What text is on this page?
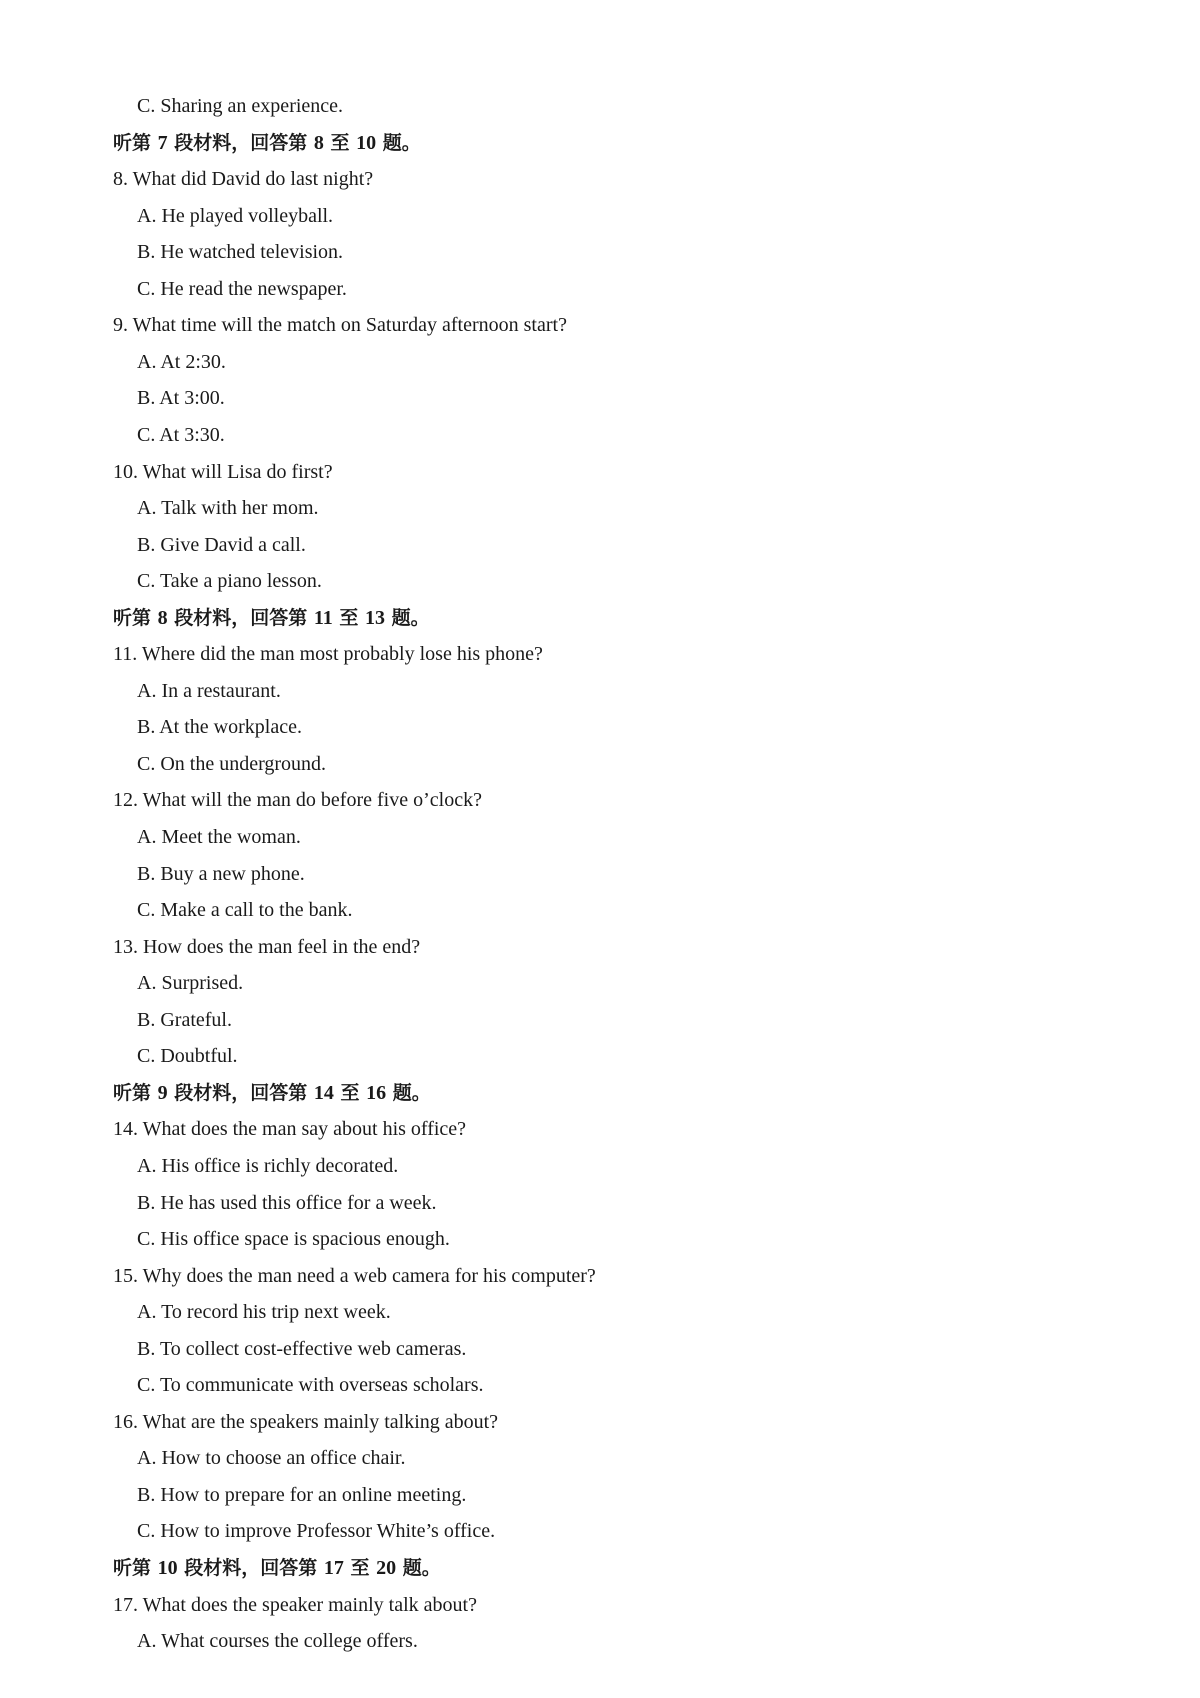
C. Sharing an experience.
听第 7 段材料，回答第 8 至 10 题。
8. What did David do last night?
A. He played volleyball.
B. He watched television.
C. He read the newspaper.
9. What time will the match on Saturday afternoon start?
A. At 2:30.
B. At 3:00.
C. At 3:30.
10. What will Lisa do first?
A. Talk with her mom.
B. Give David a call.
C. Take a piano lesson.
听第 8 段材料，回答第 11 至 13 题。
11. Where did the man most probably lose his phone?
A. In a restaurant.
B. At the workplace.
C. On the underground.
12. What will the man do before five o’clock?
A. Meet the woman.
B. Buy a new phone.
C. Make a call to the bank.
13. How does the man feel in the end?
A. Surprised.
B. Grateful.
C. Doubtful.
听第 9 段材料，回答第 14 至 16 题。
14. What does the man say about his office?
A. His office is richly decorated.
B. He has used this office for a week.
C. His office space is spacious enough.
15. Why does the man need a web camera for his computer?
A. To record his trip next week.
B. To collect cost-effective web cameras.
C. To communicate with overseas scholars.
16. What are the speakers mainly talking about?
A. How to choose an office chair.
B. How to prepare for an online meeting.
C. How to improve Professor White’s office.
听第 10 段材料，回答第 17 至 20 题。
17. What does the speaker mainly talk about?
A. What courses the college offers.
